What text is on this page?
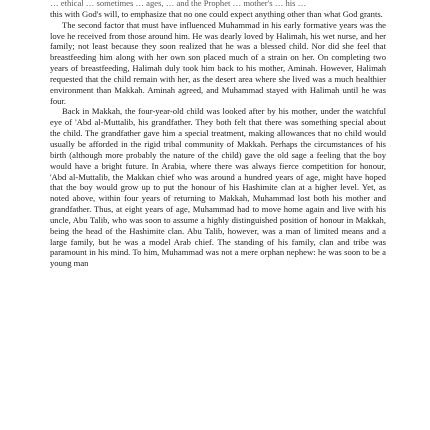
… ethical … sometimes … ages, … and the Prophet … mother's … his …

this with God's will, to emphasize that no one could expect anything other than what God grants.

The second factor that must have influenced Muhammad in his early formative years was the love he received from those around him. He was dearly loved by Halimah, his wet nurse, and her family; not least because they soon realized that he was a blessed child. Nor did she feel that breastfeeding him along with her own son placed much of a strain on her. On completing two years of breastfeeding, Halimah duly took him back to his mother, Aminah. However, Halimah requested that the child remain with her, as the desert area where she lived was a much healthier environment than Makkah. Aminah agreed, and Muhammad stayed with Halimah until he was four.

Back in Makkah, the four-year-old child was looked after by his mother, under the watchful eye of 'Abd al-Muttalib, his grandfather. They both felt that there was something special about the child. The grandfather gave him a special treatment, making allowances that no child would usually be afforded in the rigid tribal community of Makkah. Perhaps the circumstances of his birth (although more probably the nature of the child) gave the old sage a feeling that the boy would have a bright future. In Arabia, where there was always fierce competition for honour, 'Abd al-Muttalib, the Makkan chief who was around a hundred years of age, might have hoped that the boy would grow up to put the honour of his Hashimite clan at a higher level. Yet, as noted above, within four years of returning to Makkah, Muhammad lost both his mother and grandfather. Thus, at eight years of age, Muhammad had to move home again and live with his uncle, Abu Talib, who was soon to assume a highly distinguished position of honour in Makkah, being the head of the Hashimite clan. Abu Talib, however, was a man of limited means and a large family, but he was a model Arab chief. The standing of his family, clan and tribe was paramount in his mind. To him, Muhammad was not a mere orphan nephew: he was soon to be a young man
